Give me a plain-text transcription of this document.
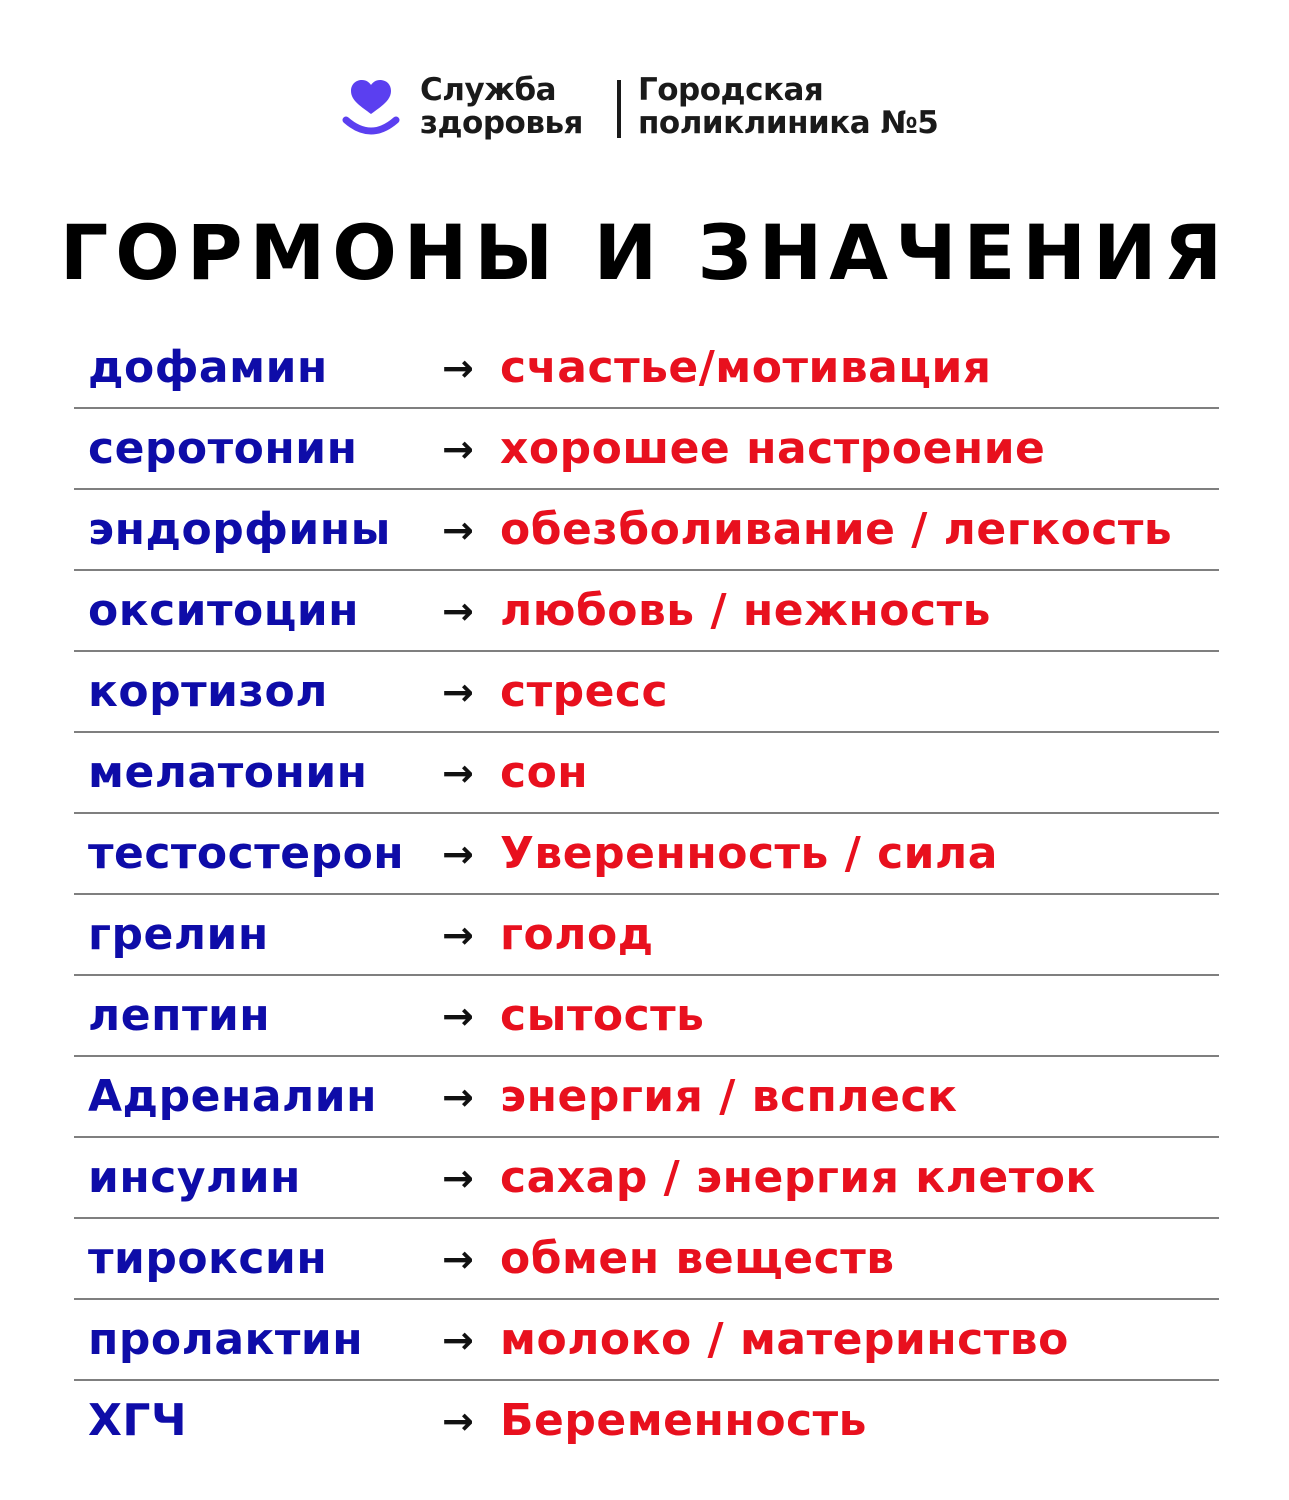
Служба
здоровья
Городская
поликлиника №5
ГОРМОНЫ И ЗНАЧЕНИЯ
дофамин	→ счастье/мотивация
серотонин → хорошее настроение
эндорфины → обезболивание / легкость
окситоцин → любовь / нежность
кортизол	→ стресс
мелатонин → сон
тестостерон → Уверенность / сила
грелин	→ голод
лептин	→ сытость
Адреналин → энергия / всплеск
инсулин	→ сахар / энергия клеток
тироксин	→ обмен веществ
пролактин → молоко / материнство
ХГЧ	→ Беременность
